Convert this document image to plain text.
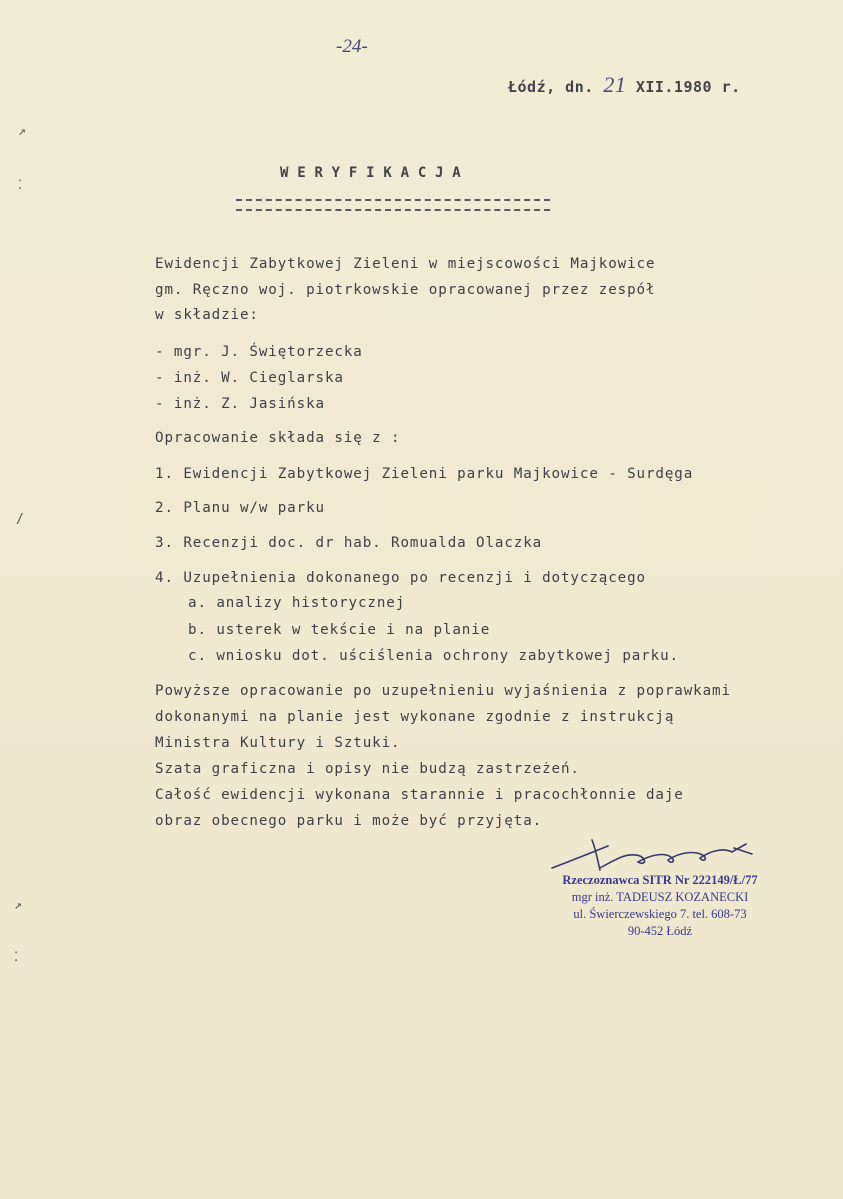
-24-
Łódź, dn. 21 XII.1980 r.
WERYFIKACJA
Ewidencji Zabytkowej Zieleni w miejscowości Majkowice
gm. Ręczno woj. piotrkowskie opracowanej przez zespół
w składzie:
- mgr. J. Świętorzecka
- inż. W. Cieglarska
- inż. Z. Jasińska
Opracowanie składa się z :
1. Ewidencji Zabytkowej Zieleni parku Majkowice - Surdęga
2. Planu w/w parku
3. Recenzji doc. dr hab. Romualda Olaczka
4. Uzupełnienia dokonanego po recenzji i dotyczącego
a. analizy historycznej
b. usterek w tekście i na planie
c. wniosku dot. uściślenia ochrony zabytkowej parku.
Powyższe opracowanie po uzupełnieniu wyjaśnienia z poprawkami
dokonanymi na planie jest wykonane zgodnie z instrukcją
Ministra Kultury i Sztuki.
Szata graficzna i opisy nie budzą zastrzeżeń.
Całość ewidencji wykonana starannie i pracochłonnie daje
obraz obecnego parku i może być przyjęta.
↗
⁚
/
↗
⁚
Rzeczoznawca SITR Nr 222149/Ł/77
mgr inż. TADEUSZ KOZANECKI
ul. Świerczewskiego 7. tel. 608-73
90-452 Łódź
